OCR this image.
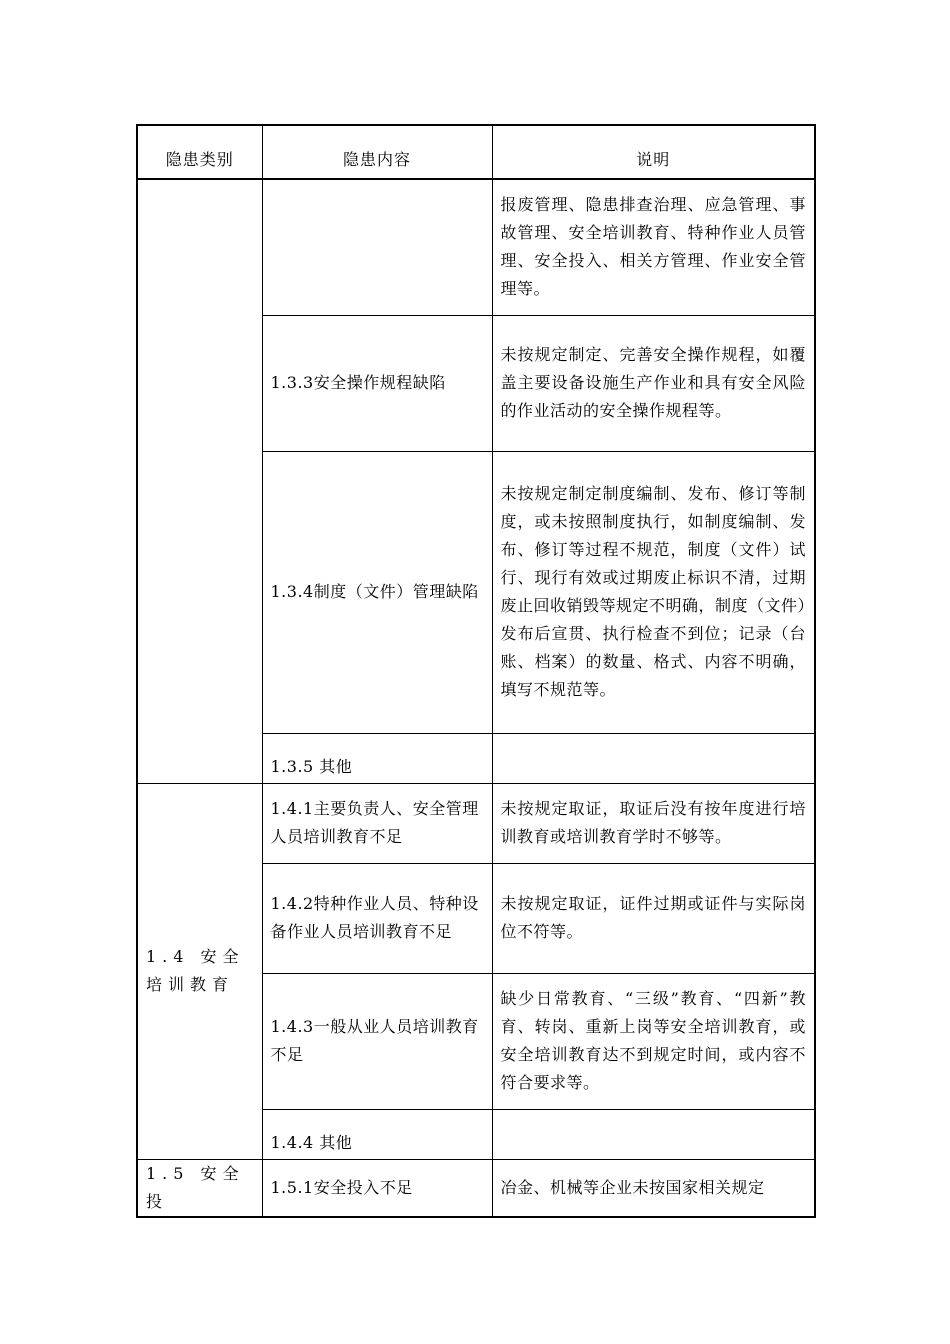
隐患类别	隐患内容	说明
		报废管理、隐患排查治理、应急管理、事故管理、安全培训教育、特种作业人员管理、安全投入、相关方管理、作业安全管理等。
	1.3.3安全操作规程缺陷	未按规定制定、完善安全操作规程，如覆盖主要设备设施生产作业和具有安全风险的作业活动的安全操作规程等。
	1.3.4制度（文件）管理缺陷	未按规定制定制度编制、发布、修订等制度，或未按照制度执行，如制度编制、发布、修订等过程不规范，制度（文件）试行、现行有效或过期废止标识不清，过期废止回收销毁等规定不明确，制度（文件）发布后宣贯、执行检查不到位；记录（台账、档案）的数量、格式、内容不明确，填写不规范等。
	1.3.5 其他	
1.4 安全培训教育	1.4.1主要负责人、安全管理人员培训教育不足	未按规定取证，取证后没有按年度进行培训教育或培训教育学时不够等。
	1.4.2特种作业人员、特种设备作业人员培训教育不足	未按规定取证，证件过期或证件与实际岗位不符等。
	1.4.3一般从业人员培训教育不足	缺少日常教育、“三级”教育、“四新”教育、转岗、重新上岗等安全培训教育，或安全培训教育达不到规定时间，或内容不符合要求等。
	1.4.4 其他	
1.5 安全投	1.5.1安全投入不足	冶金、机械等企业未按国家相关规定
